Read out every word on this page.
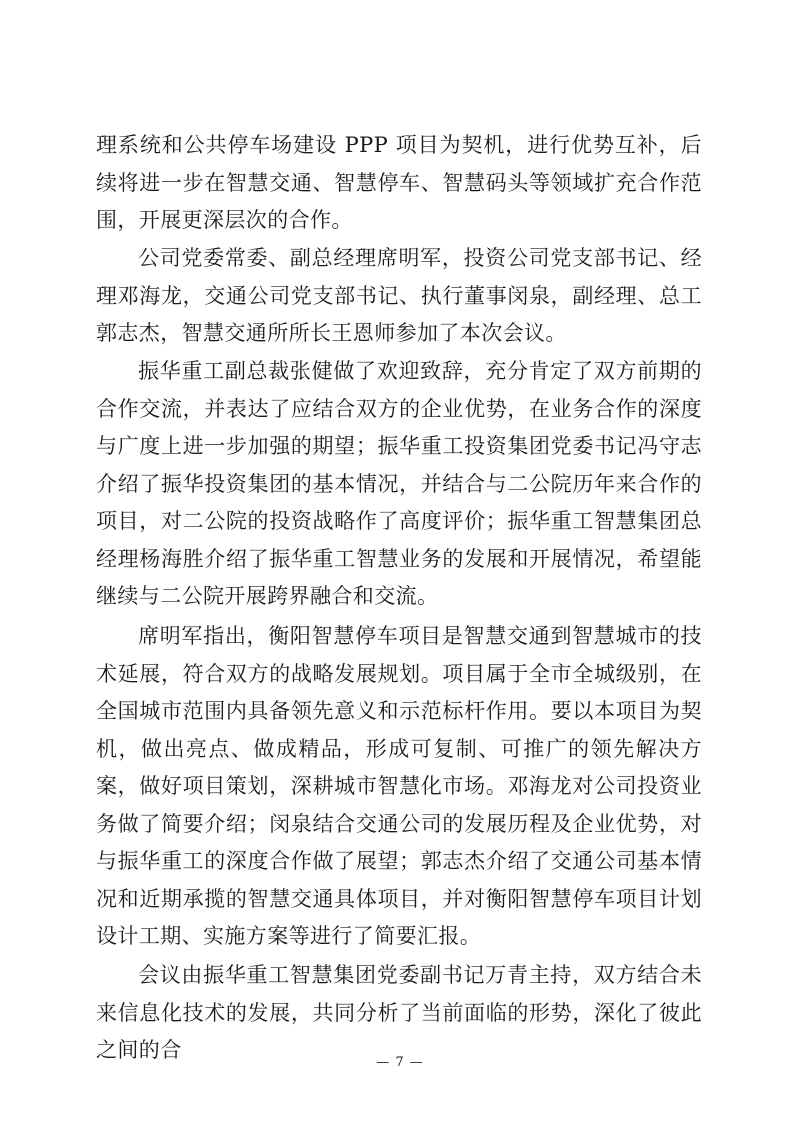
理系统和公共停车场建设 PPP 项目为契机，进行优势互补，后续将进一步在智慧交通、智慧停车、智慧码头等领域扩充合作范围，开展更深层次的合作。

公司党委常委、副总经理席明军，投资公司党支部书记、经理邓海龙，交通公司党支部书记、执行董事闵泉，副经理、总工郭志杰，智慧交通所所长王恩师参加了本次会议。

振华重工副总裁张健做了欢迎致辞，充分肯定了双方前期的合作交流，并表达了应结合双方的企业优势，在业务合作的深度与广度上进一步加强的期望；振华重工投资集团党委书记冯守志介绍了振华投资集团的基本情况，并结合与二公院历年来合作的项目，对二公院的投资战略作了高度评价；振华重工智慧集团总经理杨海胜介绍了振华重工智慧业务的发展和开展情况，希望能继续与二公院开展跨界融合和交流。

席明军指出，衡阳智慧停车项目是智慧交通到智慧城市的技术延展，符合双方的战略发展规划。项目属于全市全城级别，在全国城市范围内具备领先意义和示范标杆作用。要以本项目为契机，做出亮点、做成精品，形成可复制、可推广的领先解决方案，做好项目策划，深耕城市智慧化市场。邓海龙对公司投资业务做了简要介绍；闵泉结合交通公司的发展历程及企业优势，对与振华重工的深度合作做了展望；郭志杰介绍了交通公司基本情况和近期承揽的智慧交通具体项目，并对衡阳智慧停车项目计划设计工期、实施方案等进行了简要汇报。

会议由振华重工智慧集团党委副书记万青主持，双方结合未来信息化技术的发展，共同分析了当前面临的形势，深化了彼此之间的合

— 7 —
